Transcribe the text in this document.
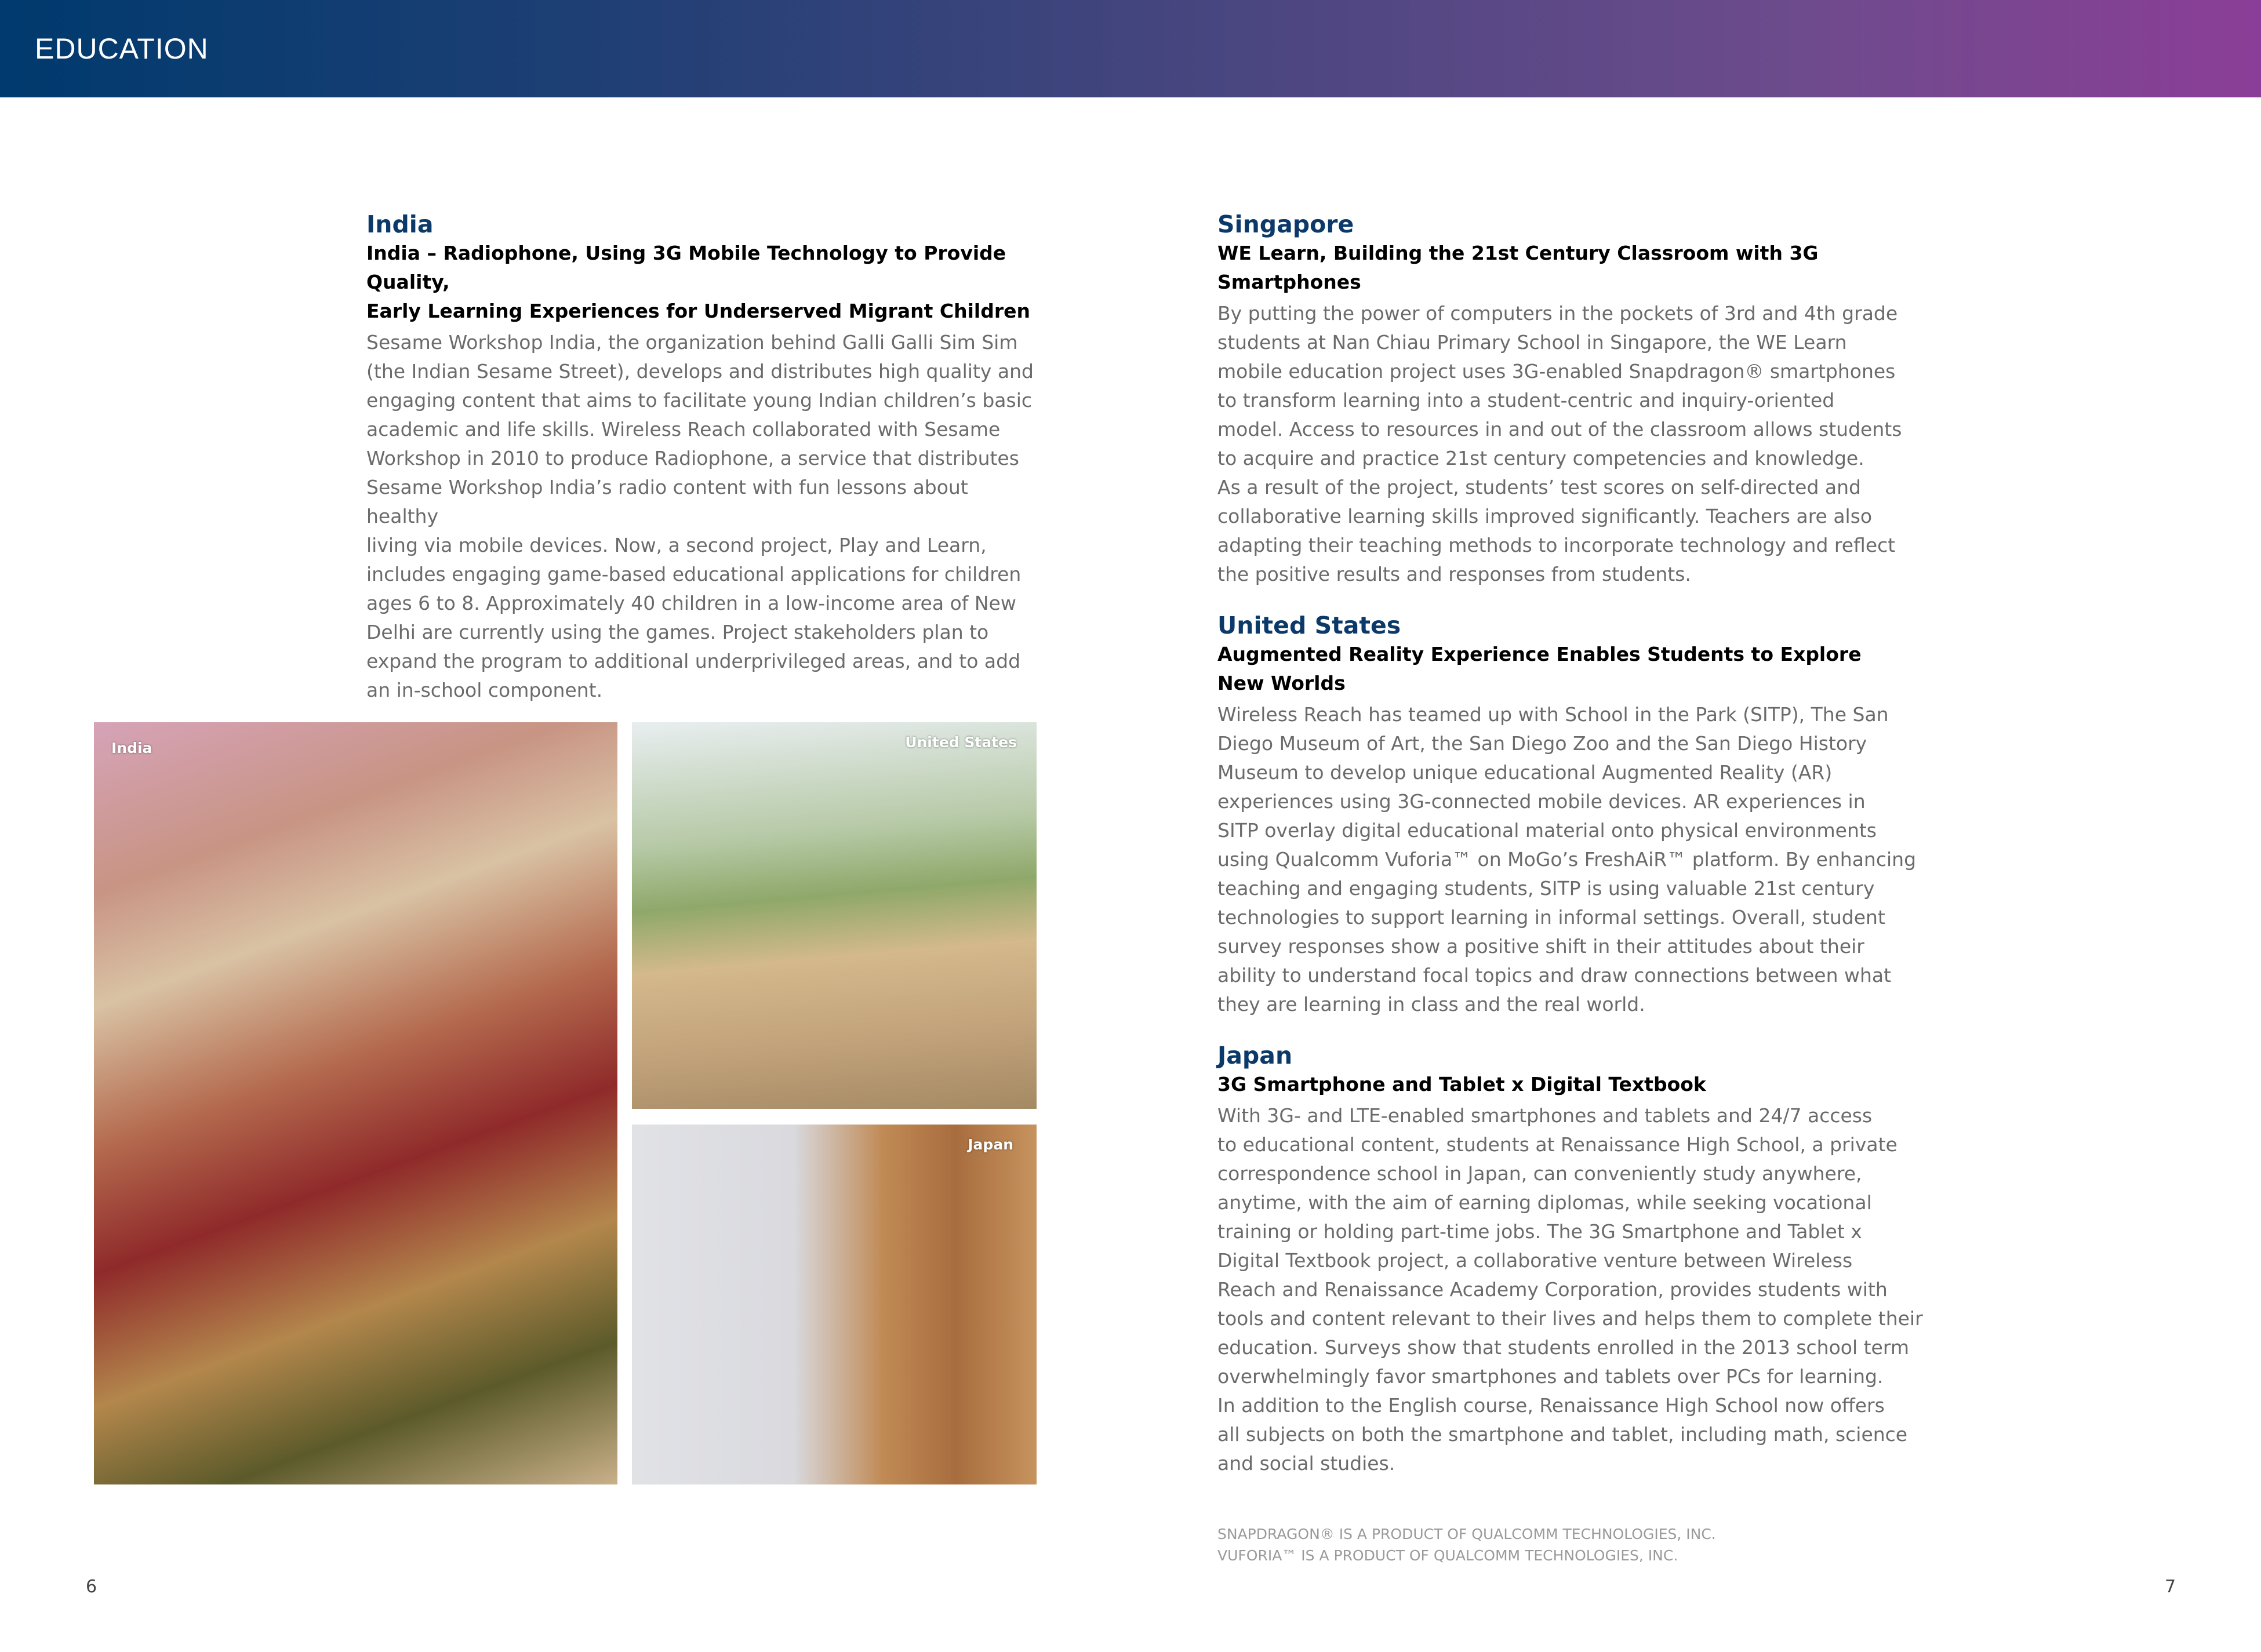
EDUCATION
India

India – Radiophone, Using 3G Mobile Technology to Provide Quality,
Early Learning Experiences for Underserved Migrant Children

Sesame Workshop India, the organization behind Galli Galli Sim Sim
(the Indian Sesame Street), develops and distributes high quality and
engaging content that aims to facilitate young Indian children’s basic
academic and life skills. Wireless Reach collaborated with Sesame
Workshop in 2010 to produce Radiophone, a service that distributes
Sesame Workshop India’s radio content with fun lessons about healthy
living via mobile devices. Now, a second project, Play and Learn,
includes engaging game-based educational applications for children
ages 6 to 8. Approximately 40 children in a low-income area of New
Delhi are currently using the games. Project stakeholders plan to
expand the program to additional underprivileged areas, and to add
an in-school component.

India	United States
Japan
Singapore

WE Learn, Building the 21st Century Classroom with 3G Smartphones

By putting the power of computers in the pockets of 3rd and 4th grade
students at Nan Chiau Primary School in Singapore, the WE Learn
mobile education project uses 3G-enabled Snapdragon® smartphones
to transform learning into a student-centric and inquiry-oriented
model. Access to resources in and out of the classroom allows students
to acquire and practice 21st century competencies and knowledge.
As a result of the project, students’ test scores on self-directed and
collaborative learning skills improved significantly. Teachers are also
adapting their teaching methods to incorporate technology and reflect
the positive results and responses from students.

United States

Augmented Reality Experience Enables Students to Explore
New Worlds

Wireless Reach has teamed up with School in the Park (SITP), The San
Diego Museum of Art, the San Diego Zoo and the San Diego History
Museum to develop unique educational Augmented Reality (AR)
experiences using 3G-connected mobile devices. AR experiences in
SITP overlay digital educational material onto physical environments
using Qualcomm Vuforia™ on MoGo’s FreshAiR™ platform. By enhancing
teaching and engaging students, SITP is using valuable 21st century
technologies to support learning in informal settings. Overall, student
survey responses show a positive shift in their attitudes about their
ability to understand focal topics and draw connections between what
they are learning in class and the real world.

Japan

3G Smartphone and Tablet x Digital Textbook

With 3G- and LTE-enabled smartphones and tablets and 24/7 access
to educational content, students at Renaissance High School, a private
correspondence school in Japan, can conveniently study anywhere,
anytime, with the aim of earning diplomas, while seeking vocational
training or holding part-time jobs. The 3G Smartphone and Tablet x
Digital Textbook project, a collaborative venture between Wireless
Reach and Renaissance Academy Corporation, provides students with
tools and content relevant to their lives and helps them to complete their
education. Surveys show that students enrolled in the 2013 school term
overwhelmingly favor smartphones and tablets over PCs for learning.
In addition to the English course, Renaissance High School now offers
all subjects on both the smartphone and tablet, including math, science
and social studies.

SNAPDRAGON® IS A PRODUCT OF QUALCOMM TECHNOLOGIES, INC.
VUFORIA™ IS A PRODUCT OF QUALCOMM TECHNOLOGIES, INC.
6	7
